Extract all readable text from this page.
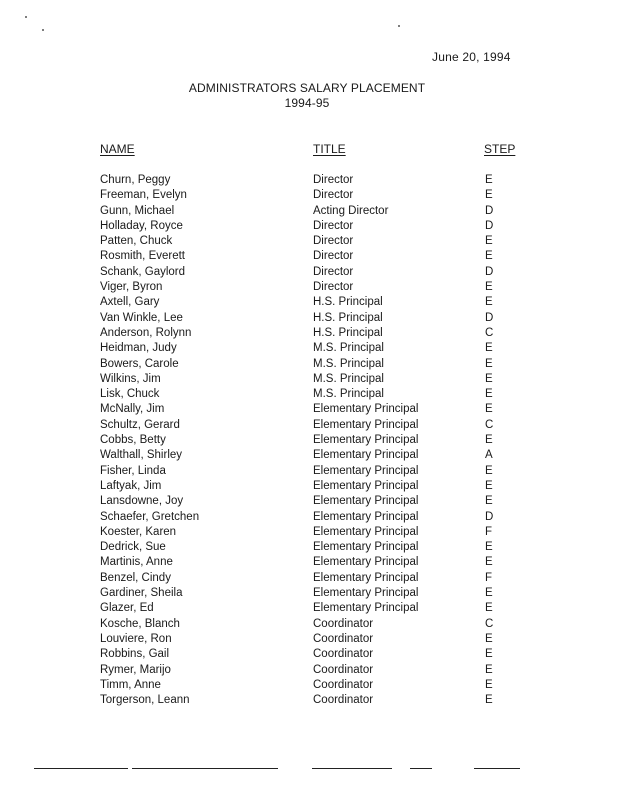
June 20, 1994
ADMINISTRATORS SALARY PLACEMENT
1994-95
NAME	TITLE	STEP
Churn, Peggy	Director	E
Freeman, Evelyn	Director	E
Gunn, Michael	Acting Director	D
Holladay, Royce	Director	D
Patten, Chuck	Director	E
Rosmith, Everett	Director	E
Schank, Gaylord	Director	D
Viger, Byron	Director	E
Axtell, Gary	H.S. Principal	E
Van Winkle, Lee	H.S. Principal	D
Anderson, Rolynn	H.S. Principal	C
Heidman, Judy	M.S. Principal	E
Bowers, Carole	M.S. Principal	E
Wilkins, Jim	M.S. Principal	E
Lisk, Chuck	M.S. Principal	E
McNally, Jim	Elementary Principal	E
Schultz, Gerard	Elementary Principal	C
Cobbs, Betty	Elementary Principal	E
Walthall, Shirley	Elementary Principal	A
Fisher, Linda	Elementary Principal	E
Laftyak, Jim	Elementary Principal	E
Lansdowne, Joy	Elementary Principal	E
Schaefer, Gretchen	Elementary Principal	D
Koester, Karen	Elementary Principal	F
Dedrick, Sue	Elementary Principal	E
Martinis, Anne	Elementary Principal	E
Benzel, Cindy	Elementary Principal	F
Gardiner, Sheila	Elementary Principal	E
Glazer, Ed	Elementary Principal	E
Kosche, Blanch	Coordinator	C
Louviere, Ron	Coordinator	E
Robbins, Gail	Coordinator	E
Rymer, Marijo	Coordinator	E
Timm, Anne	Coordinator	E
Torgerson, Leann	Coordinator	E
